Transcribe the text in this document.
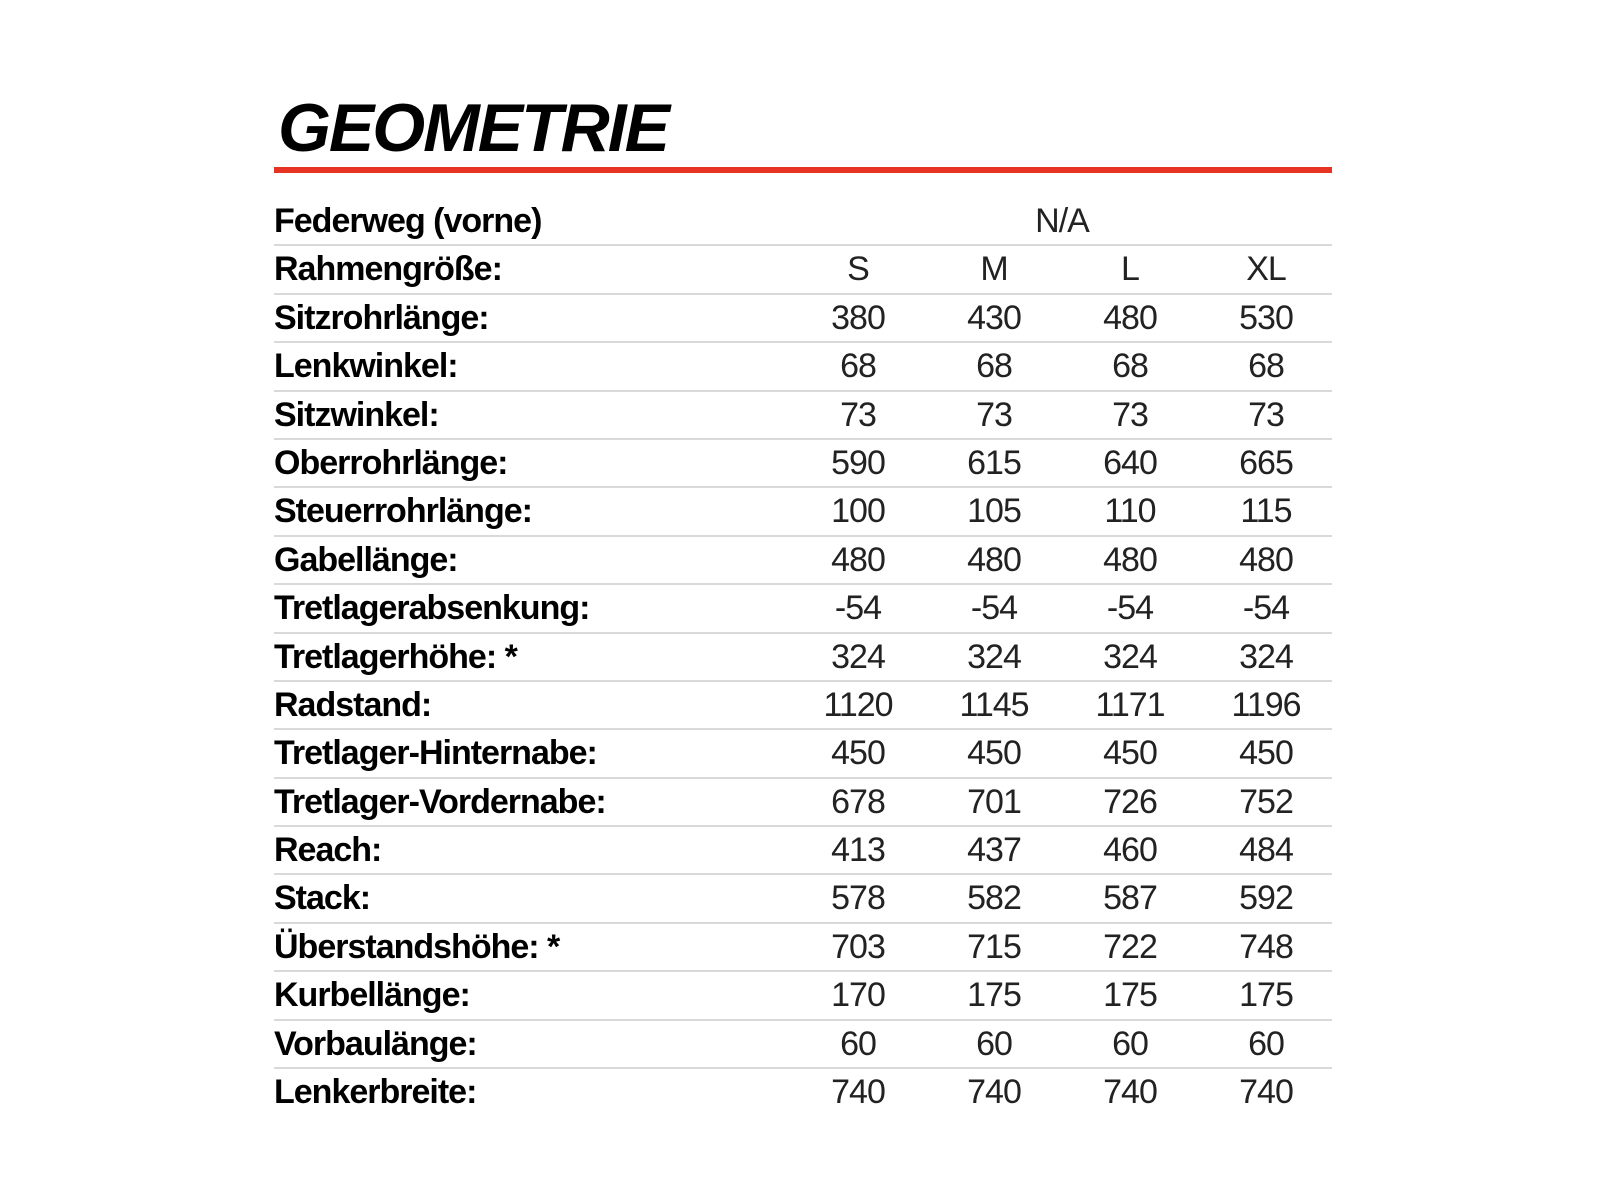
GEOMETRIE
Federweg (vorne)	N/A
Rahmengröße:	S	M	L	XL
Sitzrohrlänge:	380	430	480	530
Lenkwinkel:	68	68	68	68
Sitzwinkel:	73	73	73	73
Oberrohrlänge:	590	615	640	665
Steuerrohrlänge:	100	105	110	115
Gabellänge:	480	480	480	480
Tretlagerabsenkung:	-54	-54	-54	-54
Tretlagerhöhe: *	324	324	324	324
Radstand:	1120	1145	1171	1196
Tretlager-Hinternabe:	450	450	450	450
Tretlager-Vordernabe:	678	701	726	752
Reach:	413	437	460	484
Stack:	578	582	587	592
Überstandshöhe: *	703	715	722	748
Kurbellänge:	170	175	175	175
Vorbaulänge:	60	60	60	60
Lenkerbreite:	740	740	740	740
